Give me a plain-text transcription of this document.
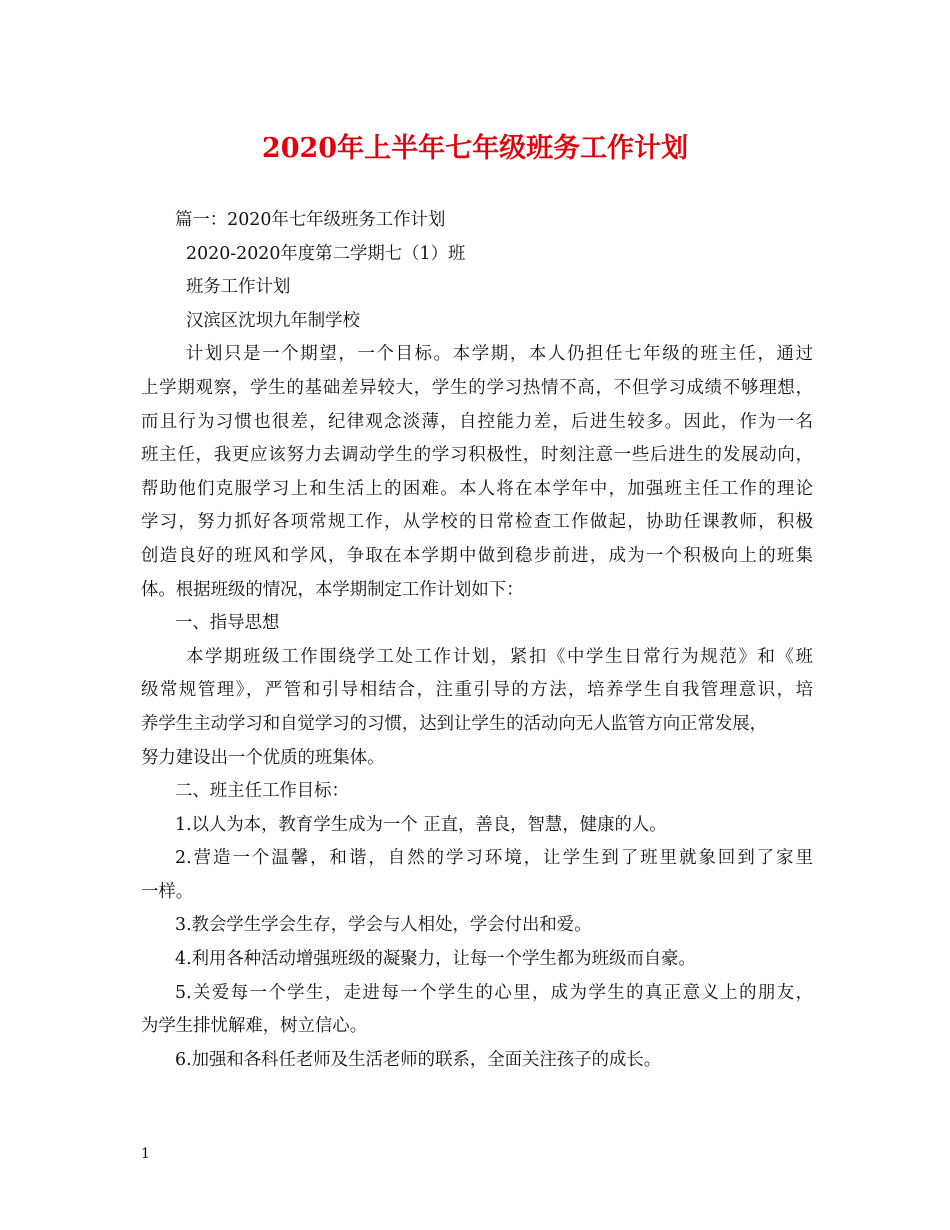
2020年上半年七年级班务工作计划
篇一：2020年七年级班务工作计划
2020-2020年度第二学期七（1）班
班务工作计划
汉滨区沈坝九年制学校
计划只是一个期望，一个目标。本学期，本人仍担任七年级的班主任，通过
上学期观察，学生的基础差异较大，学生的学习热情不高，不但学习成绩不够理想，
而且行为习惯也很差，纪律观念淡薄，自控能力差，后进生较多。因此，作为一名
班主任，我更应该努力去调动学生的学习积极性，时刻注意一些后进生的发展动向，
帮助他们克服学习上和生活上的困难。本人将在本学年中，加强班主任工作的理论
学习，努力抓好各项常规工作，从学校的日常检查工作做起，协助任课教师，积极
创造良好的班风和学风，争取在本学期中做到稳步前进，成为一个积极向上的班集
体。根据班级的情况，本学期制定工作计划如下：
一、指导思想
本学期班级工作围绕学工处工作计划，紧扣《中学生日常行为规范》和《班
级常规管理》，严管和引导相结合，注重引导的方法，培养学生自我管理意识，培
养学生主动学习和自觉学习的习惯，达到让学生的活动向无人监管方向正常发展，
努力建设出一个优质的班集体。
二、班主任工作目标：
1.以人为本，教育学生成为一个 正直，善良，智慧，健康的人。
2.营造一个温馨，和谐，自然的学习环境，让学生到了班里就象回到了家里
一样。
3.教会学生学会生存，学会与人相处，学会付出和爱。
4.利用各种活动增强班级的凝聚力，让每一个学生都为班级而自豪。
5.关爱每一个学生，走进每一个学生的心里，成为学生的真正意义上的朋友，
为学生排忧解难，树立信心。
6.加强和各科任老师及生活老师的联系，全面关注孩子的成长。
1
